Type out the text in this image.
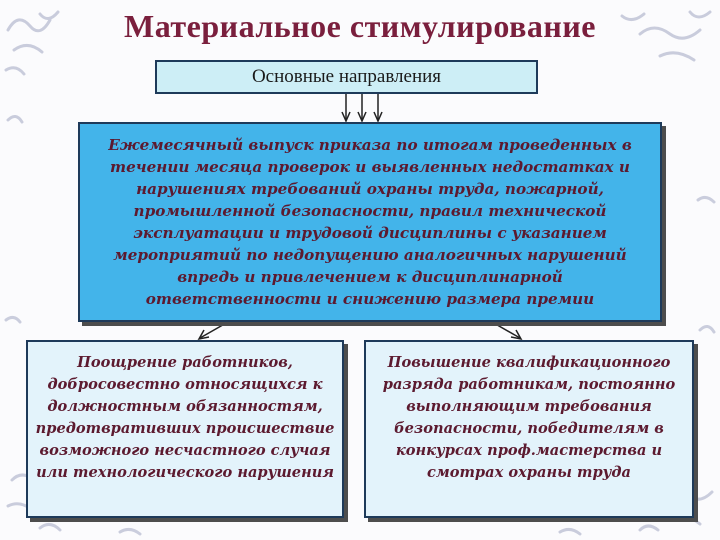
Материальное стимулирование
Основные направления
Ежемесячный выпуск приказа по итогам проведенных в течении месяца проверок и выявленных недостатках и нарушениях требований охраны труда, пожарной, промышленной безопасности, правил технической эксплуатации и трудовой дисциплины с указанием мероприятий по недопущению аналогичных нарушений впредь и привлечением к дисциплинарной ответственности и снижению размера премии
Поощрение работников, добросовестно относящихся к должностным обязанностям, предотвративших происшествие возможного несчастного случая или технологического нарушения
Повышение квалификационного разряда работникам, постоянно выполняющим требования безопасности, победителям в конкурсах проф.мастерства и смотрах охраны труда
